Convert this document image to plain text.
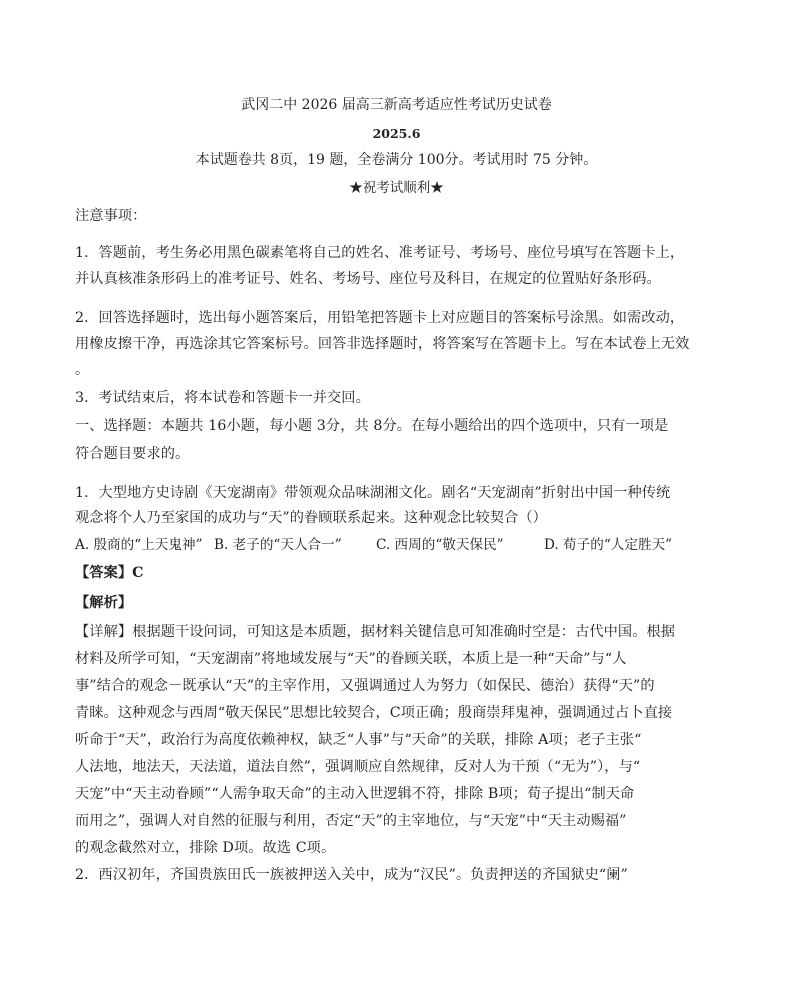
武冈二中 2026 届高三新高考适应性考试历史试卷
2025.6
本试题卷共 8页，19 题，全卷满分 100分。考试用时 75 分钟。
★祝考试顺利★
注意事项：
1．答题前，考生务必用黑色碳素笔将自己的姓名、准考证号、考场号、座位号填写在答题卡上，
并认真核准条形码上的准考证号、姓名、考场号、座位号及科目，在规定的位置贴好条形码。
2．回答选择题时，选出每小题答案后，用铅笔把答题卡上对应题目的答案标号涂黑。如需改动，
用橡皮擦干净，再选涂其它答案标号。回答非选择题时，将答案写在答题卡上。写在本试卷上无效
。
3．考试结束后，将本试卷和答题卡一并交回。
一、选择题：本题共 16小题，每小题 3分，共 8分。在每小题给出的四个选项中，只有一项是
符合题目要求的。
1．大型地方史诗剧《天宠湖南》带领观众品味湖湘文化。剧名“天宠湖南”折射出中国一种传统
观念将个人乃至家国的成功与“天”的眷顾联系起来。这种观念比较契合（）
A. 殷商的“上天鬼神” B. 老子的“天人合一”	C. 西周的“敬天保民”	D. 荀子的“人定胜天”
【答案】C
【解析】
【详解】根据题干设问词，可知这是本质题，据材料关键信息可知准确时空是：古代中国。根据
材料及所学可知，“天宠湖南”将地域发展与“天”的眷顾关联，本质上是一种“天命”与“人
事”结合的观念－既承认“天”的主宰作用，又强调通过人为努力（如保民、德治）获得“天”的
青睐。这种观念与西周“敬天保民”思想比较契合，C项正确；殷商崇拜鬼神，强调通过占卜直接
听命于“天”，政治行为高度依赖神权，缺乏“人事”与“天命”的关联，排除 A项；老子主张“
人法地，地法天，天法道，道法自然”，强调顺应自然规律，反对人为干预（“无为”），与“
天宠”中“天主动眷顾”“人需争取天命”的主动入世逻辑不符，排除 B项；荀子提出“制天命
而用之”，强调人对自然的征服与利用，否定“天”的主宰地位，与“天宠”中“天主动赐福”
的观念截然对立，排除 D项。故选 C项。
2．西汉初年，齐国贵族田氏一族被押送入关中，成为“汉民”。负责押送的齐国狱史“阑”
